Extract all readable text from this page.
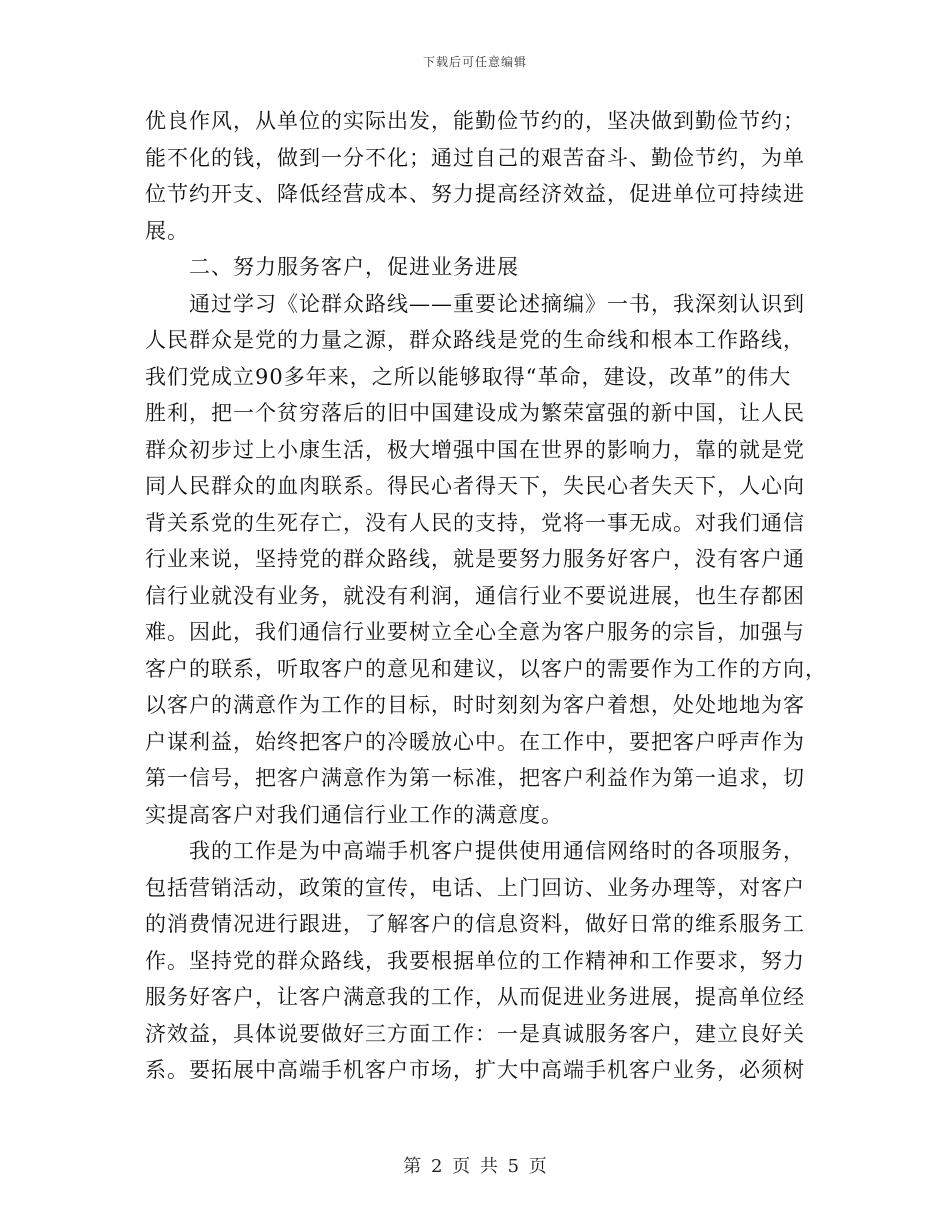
下载后可任意编辑

优良作风，从单位的实际出发，能勤俭节约的，坚决做到勤俭节约；
能不化的钱，做到一分不化；通过自己的艰苦奋斗、勤俭节约，为单
位节约开支、降低经营成本、努力提高经济效益，促进单位可持续进
展。

二、努力服务客户，促进业务进展

通过学习《论群众路线——重要论述摘编》一书，我深刻认识到
人民群众是党的力量之源，群众路线是党的生命线和根本工作路线，
我们党成立90多年来，之所以能够取得“革命，建设，改革”的伟大
胜利，把一个贫穷落后的旧中国建设成为繁荣富强的新中国，让人民
群众初步过上小康生活，极大增强中国在世界的影响力，靠的就是党
同人民群众的血肉联系。得民心者得天下，失民心者失天下，人心向
背关系党的生死存亡，没有人民的支持，党将一事无成。对我们通信
行业来说，坚持党的群众路线，就是要努力服务好客户，没有客户通
信行业就没有业务，就没有利润，通信行业不要说进展，也生存都困
难。因此，我们通信行业要树立全心全意为客户服务的宗旨，加强与
客户的联系，听取客户的意见和建议，以客户的需要作为工作的方向，
以客户的满意作为工作的目标，时时刻刻为客户着想，处处地地为客
户谋利益，始终把客户的冷暖放心中。在工作中，要把客户呼声作为
第一信号，把客户满意作为第一标准，把客户利益作为第一追求，切
实提高客户对我们通信行业工作的满意度。

我的工作是为中高端手机客户提供使用通信网络时的各项服务，
包括营销活动，政策的宣传，电话、上门回访、业务办理等，对客户
的消费情况进行跟进，了解客户的信息资料，做好日常的维系服务工
作。坚持党的群众路线，我要根据单位的工作精神和工作要求，努力
服务好客户，让客户满意我的工作，从而促进业务进展，提高单位经
济效益，具体说要做好三方面工作：一是真诚服务客户，建立良好关
系。要拓展中高端手机客户市场，扩大中高端手机客户业务，必须树

第 2 页 共 5 页
